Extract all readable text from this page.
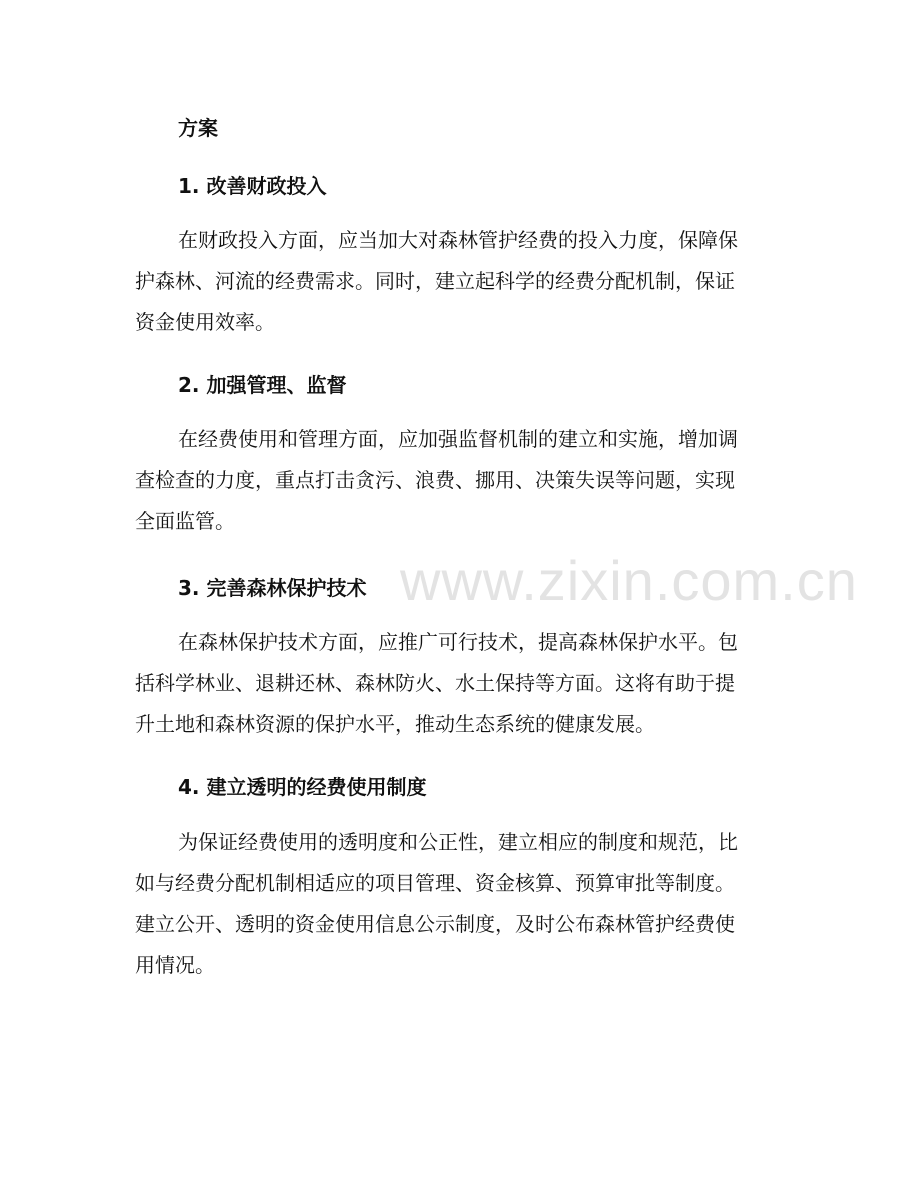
www.zixin.com.cn
方案
1. 改善财政投入
在财政投入方面，应当加大对森林管护经费的投入力度，保障保
护森林、河流的经费需求。同时，建立起科学的经费分配机制，保证
资金使用效率。
2. 加强管理、监督
在经费使用和管理方面，应加强监督机制的建立和实施，增加调
查检查的力度，重点打击贪污、浪费、挪用、决策失误等问题，实现
全面监管。
3. 完善森林保护技术
在森林保护技术方面，应推广可行技术，提高森林保护水平。包
括科学林业、退耕还林、森林防火、水土保持等方面。这将有助于提
升土地和森林资源的保护水平，推动生态系统的健康发展。
4. 建立透明的经费使用制度
为保证经费使用的透明度和公正性，建立相应的制度和规范，比
如与经费分配机制相适应的项目管理、资金核算、预算审批等制度。
建立公开、透明的资金使用信息公示制度，及时公布森林管护经费使
用情况。
